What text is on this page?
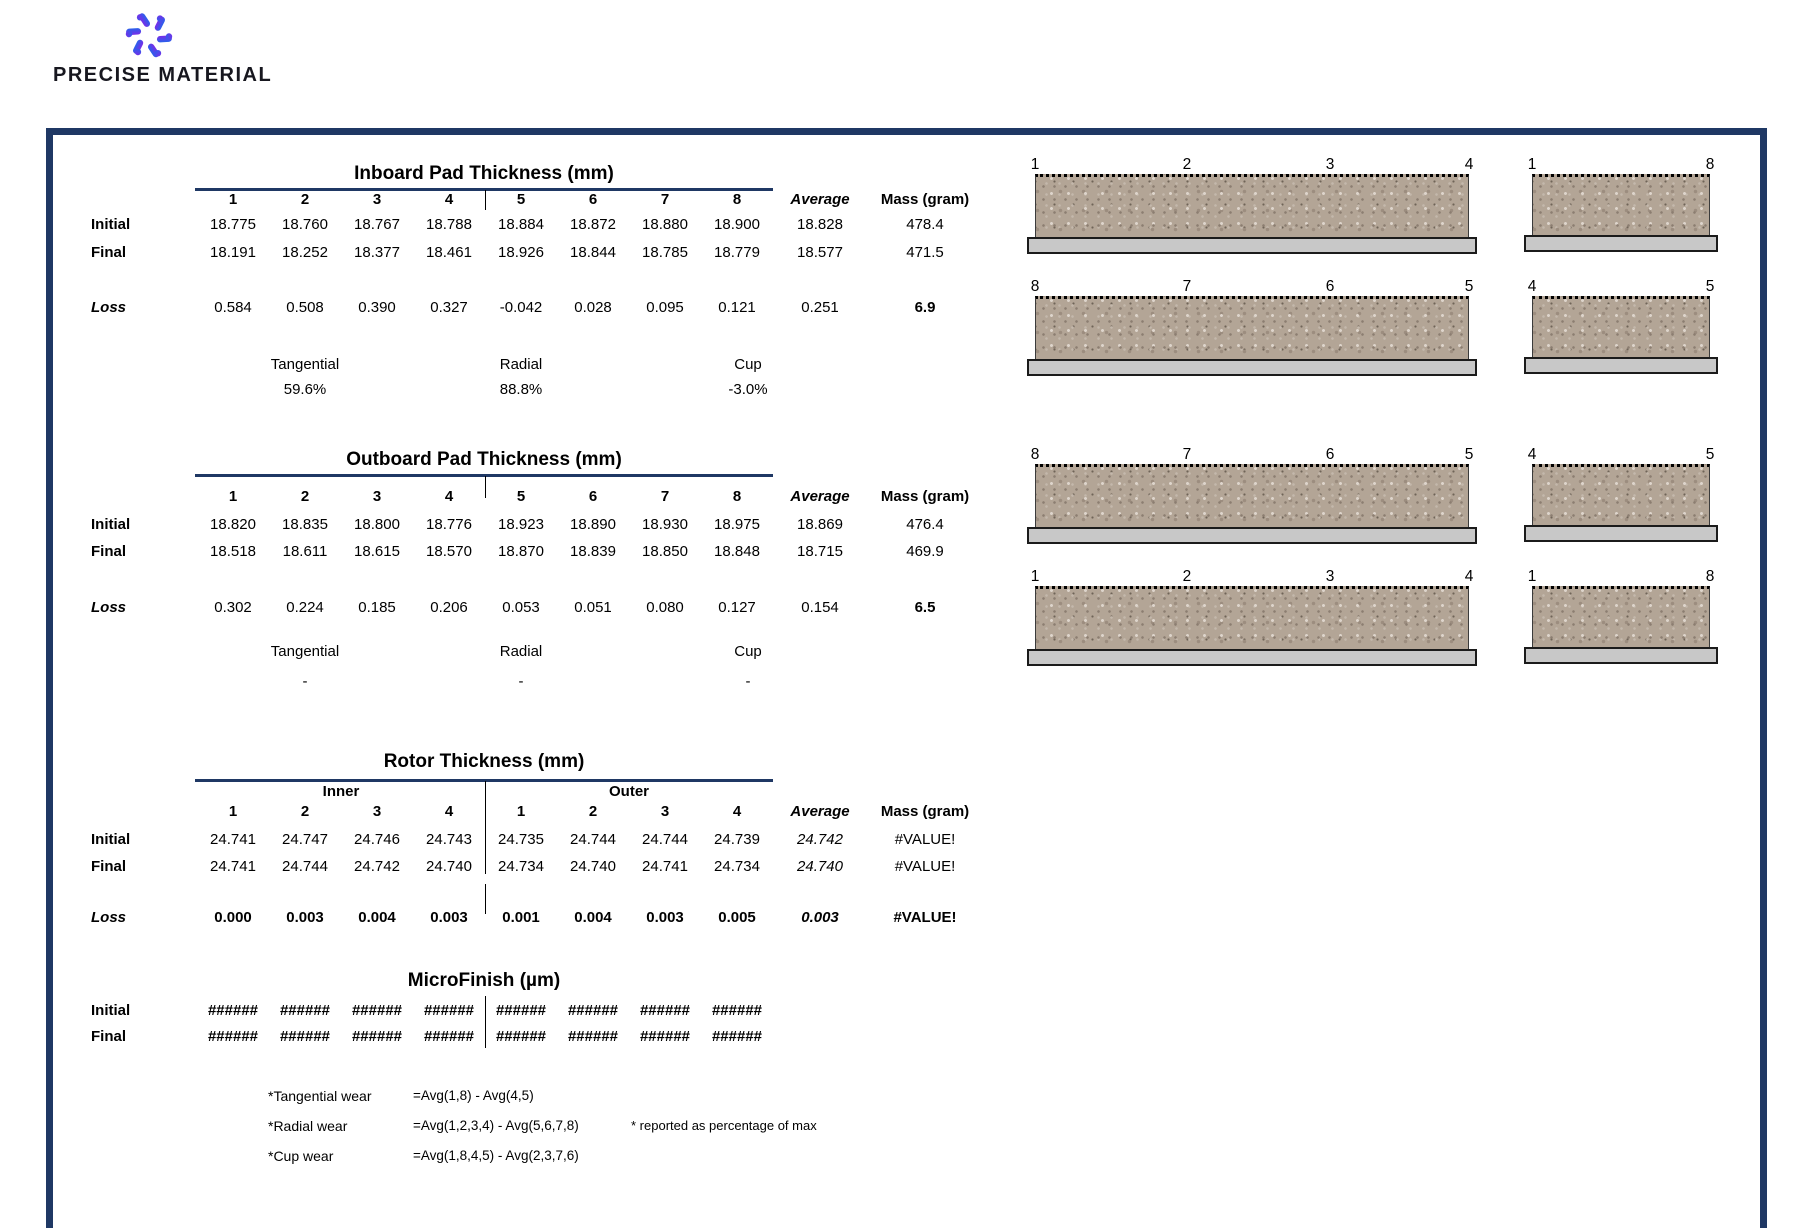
PRECISE MATERIAL
Inboard Pad Thickness (mm)
1	2	3	4	5	6	7	8	Average Mass (gram)
Initial	18.775 18.760 18.767 18.788 18.884 18.872 18.880 18.900 18.828	478.4
Final	18.191 18.252 18.377 18.461 18.926 18.844 18.785 18.779 18.577	471.5
Loss	0.584 0.508 0.390 0.327 -0.042 0.028 0.095 0.121	0.251	6.9
Tangential	Radial	Cup
59.6%	88.8%	-3.0%
Outboard Pad Thickness (mm)
1	2	3	4	5	6	7	8	Average Mass (gram)
Initial	18.820 18.835 18.800 18.776 18.923 18.890 18.930 18.975 18.869	476.4
Final	18.518 18.611 18.615 18.570 18.870 18.839 18.850 18.848 18.715	469.9
Loss	0.302 0.224 0.185 0.206 0.053 0.051 0.080 0.127	0.154	6.5
Tangential	Radial	Cup
-	-	-
Rotor Thickness (mm)
Inner	Outer
1	2	3	4	1	2	3	4	Average Mass (gram)
Initial	24.741 24.747 24.746 24.743 24.735 24.744 24.744 24.739 24.742	#VALUE!
Final	24.741 24.744 24.742 24.740 24.734 24.740 24.741 24.734 24.740	#VALUE!
Loss	0.000 0.003 0.004 0.003 0.001 0.004 0.003 0.005	0.003	#VALUE!
MicroFinish (µm)
Initial	###### ###### ###### ###### ###### ###### ###### ######
Final	###### ###### ###### ###### ###### ###### ###### ######
*Tangential wear	=Avg(1,8) - Avg(4,5)
*Radial wear	=Avg(1,2,3,4) - Avg(5,6,7,8)	* reported as percentage of max
*Cup wear	=Avg(1,8,4,5) - Avg(2,3,7,6)
1	2	3	4	1	8
8	7	6	5	4	5
8	7	6	5	4	5
1	2	3	4	1	8
